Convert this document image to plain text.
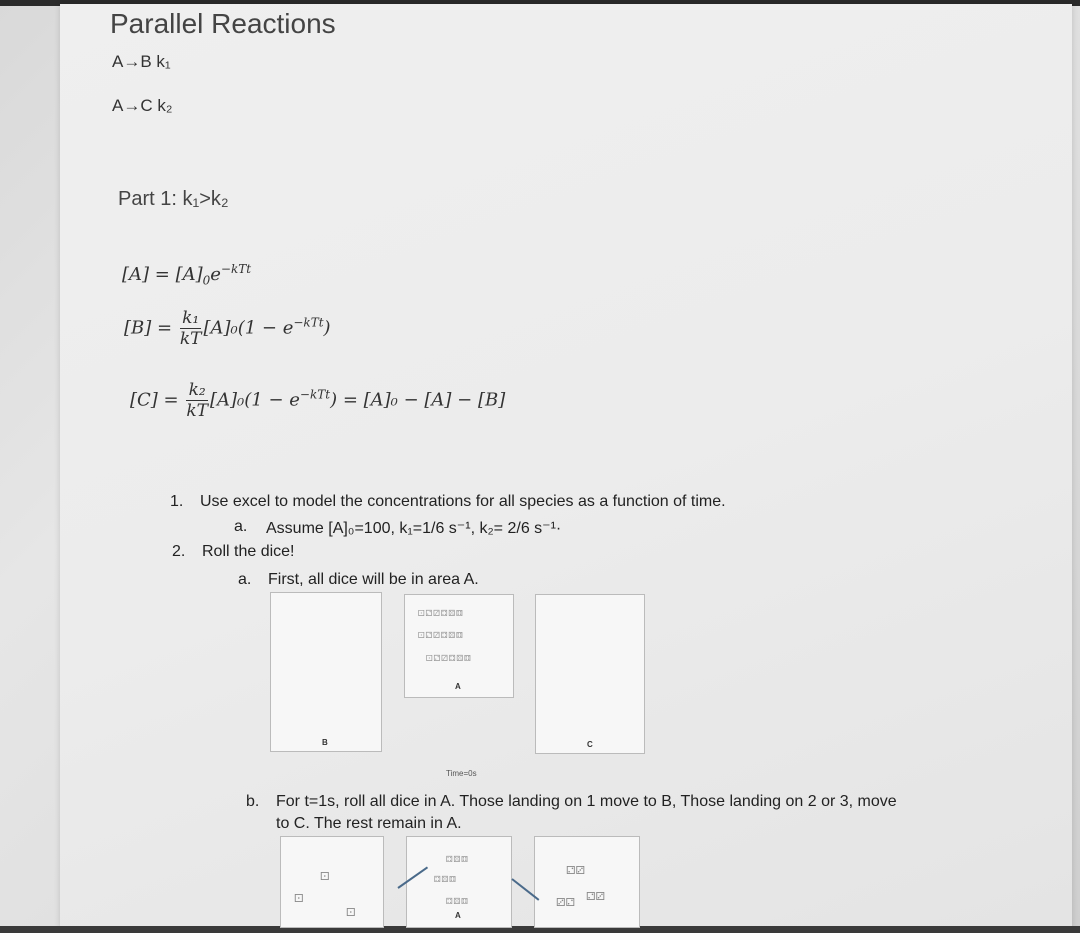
Parallel Reactions
A→B k₁
A→C k₂
Part 1: k₁>k₂
$[A] = [A]_0e^{-kTt}$
$[B] = \frac{\text{k₁}}{kT} [A]_0(1 - e^{-kTt})$
$[C] = \frac{\text{k₂}}{kT} [A]_0(1 - e^{-kTt}) = [A]_0 - [A] - [B]$
1. Use excel to model the concentrations for all species as a function of time.
a. Assume [A]₀=100, k₁=1/6 s⁻¹, k₂= 2/6 s⁻¹·
2. Roll the dice!
a. First, all dice will be in area A.
⚀⚁⚂⚃⚄⚅
⚀⚁⚂⚃⚄⚅
⚀⚁⚂⚃⚄⚅
A
B	C
Time=0s
b. For t=1s, roll all dice in A. Those landing on 1 move to B, Those landing on 2 or 3, move
to C. The rest remain in A.
⚃⚄⚅
⚃⚄⚅
⚃⚄⚅
A
⚀
⚀
⚀
⚁⚂
⚂⚁ ⚁⚂
